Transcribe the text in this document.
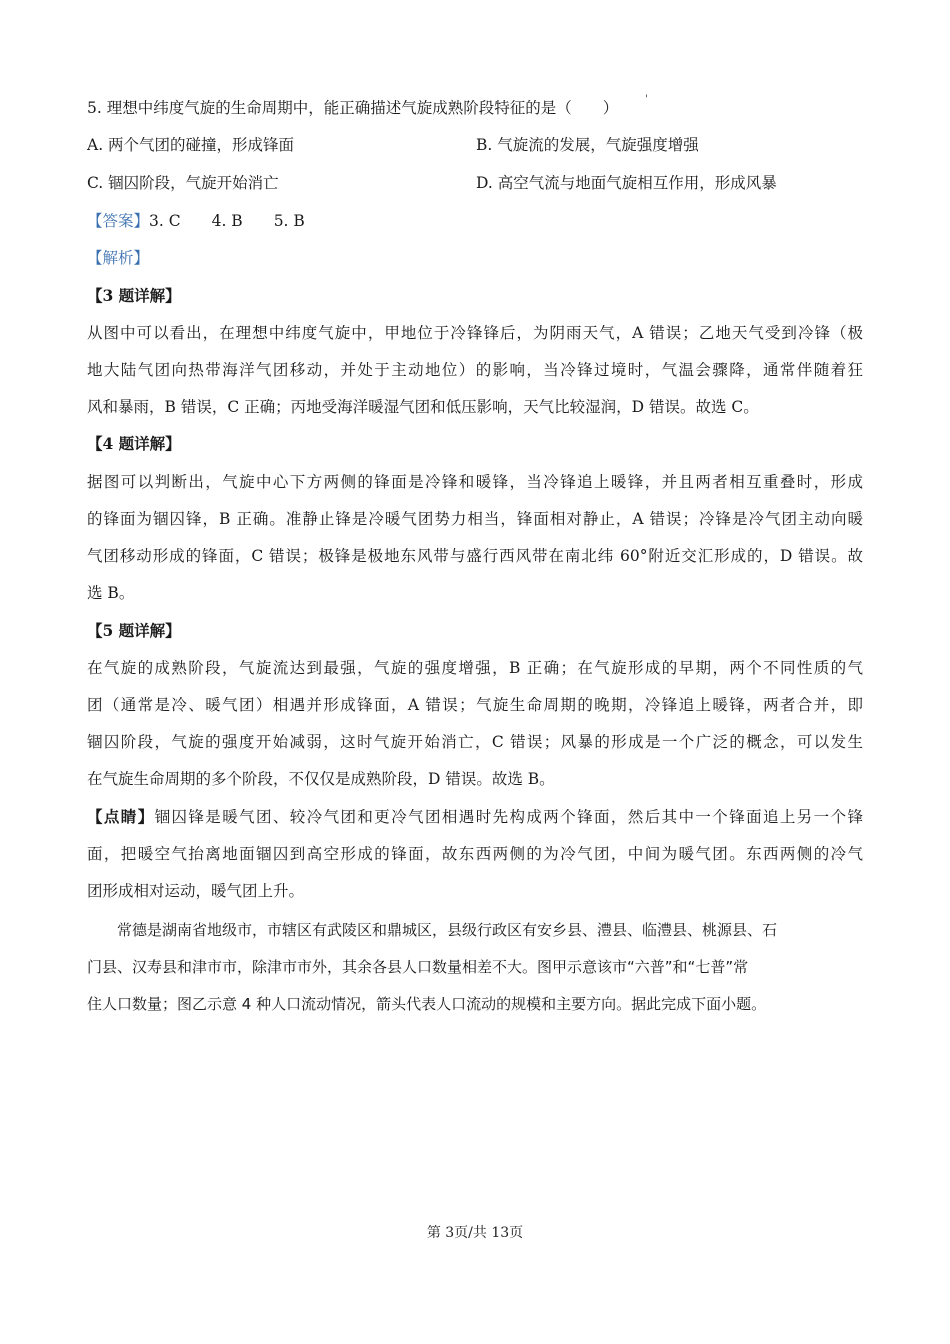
'
5. 理想中纬度气旋的生命周期中，能正确描述气旋成熟阶段特征的是（　　）
A. 两个气团的碰撞，形成锋面	B. 气旋流的发展，气旋强度增强
C. 锢囚阶段，气旋开始消亡	D. 高空气流与地面气旋相互作用，形成风暴
【答案】3. C　　4. B　　5. B
【解析】
【3 题详解】
从图中可以看出，在理想中纬度气旋中，甲地位于冷锋锋后，为阴雨天气，A 错误；乙地天气受到冷锋（极
地大陆气团向热带海洋气团移动，并处于主动地位）的影响，当冷锋过境时，气温会骤降，通常伴随着狂
风和暴雨，B 错误，C 正确；丙地受海洋暖湿气团和低压影响，天气比较湿润，D 错误。故选 C。
【4 题详解】
据图可以判断出，气旋中心下方两侧的锋面是冷锋和暖锋，当冷锋追上暖锋，并且两者相互重叠时，形成
的锋面为锢囚锋，B 正确。准静止锋是冷暖气团势力相当，锋面相对静止，A 错误；冷锋是冷气团主动向暖
气团移动形成的锋面，C 错误；极锋是极地东风带与盛行西风带在南北纬 60°附近交汇形成的，D 错误。故
选 B。
【5 题详解】
在气旋的成熟阶段，气旋流达到最强，气旋的强度增强，B 正确；在气旋形成的早期，两个不同性质的气
团（通常是冷、暖气团）相遇并形成锋面，A 错误；气旋生命周期的晚期，冷锋追上暖锋，两者合并，即
锢囚阶段，气旋的强度开始减弱，这时气旋开始消亡，C 错误；风暴的形成是一个广泛的概念，可以发生
在气旋生命周期的多个阶段，不仅仅是成熟阶段，D 错误。故选 B。
【点睛】锢囚锋是暖气团、较冷气团和更冷气团相遇时先构成两个锋面，然后其中一个锋面追上另一个锋
面，把暖空气抬离地面锢囚到高空形成的锋面，故东西两侧的为冷气团，中间为暖气团。东西两侧的冷气
团形成相对运动，暖气团上升。
　　常德是湖南省地级市，市辖区有武陵区和鼎城区，县级行政区有安乡县、澧县、临澧县、桃源县、石
门县、汉寿县和津市市，除津市市外，其余各县人口数量相差不大。图甲示意该市“六普”和“七普”常
住人口数量；图乙示意 4 种人口流动情况，箭头代表人口流动的规模和主要方向。据此完成下面小题。
第 3页/共 13页
